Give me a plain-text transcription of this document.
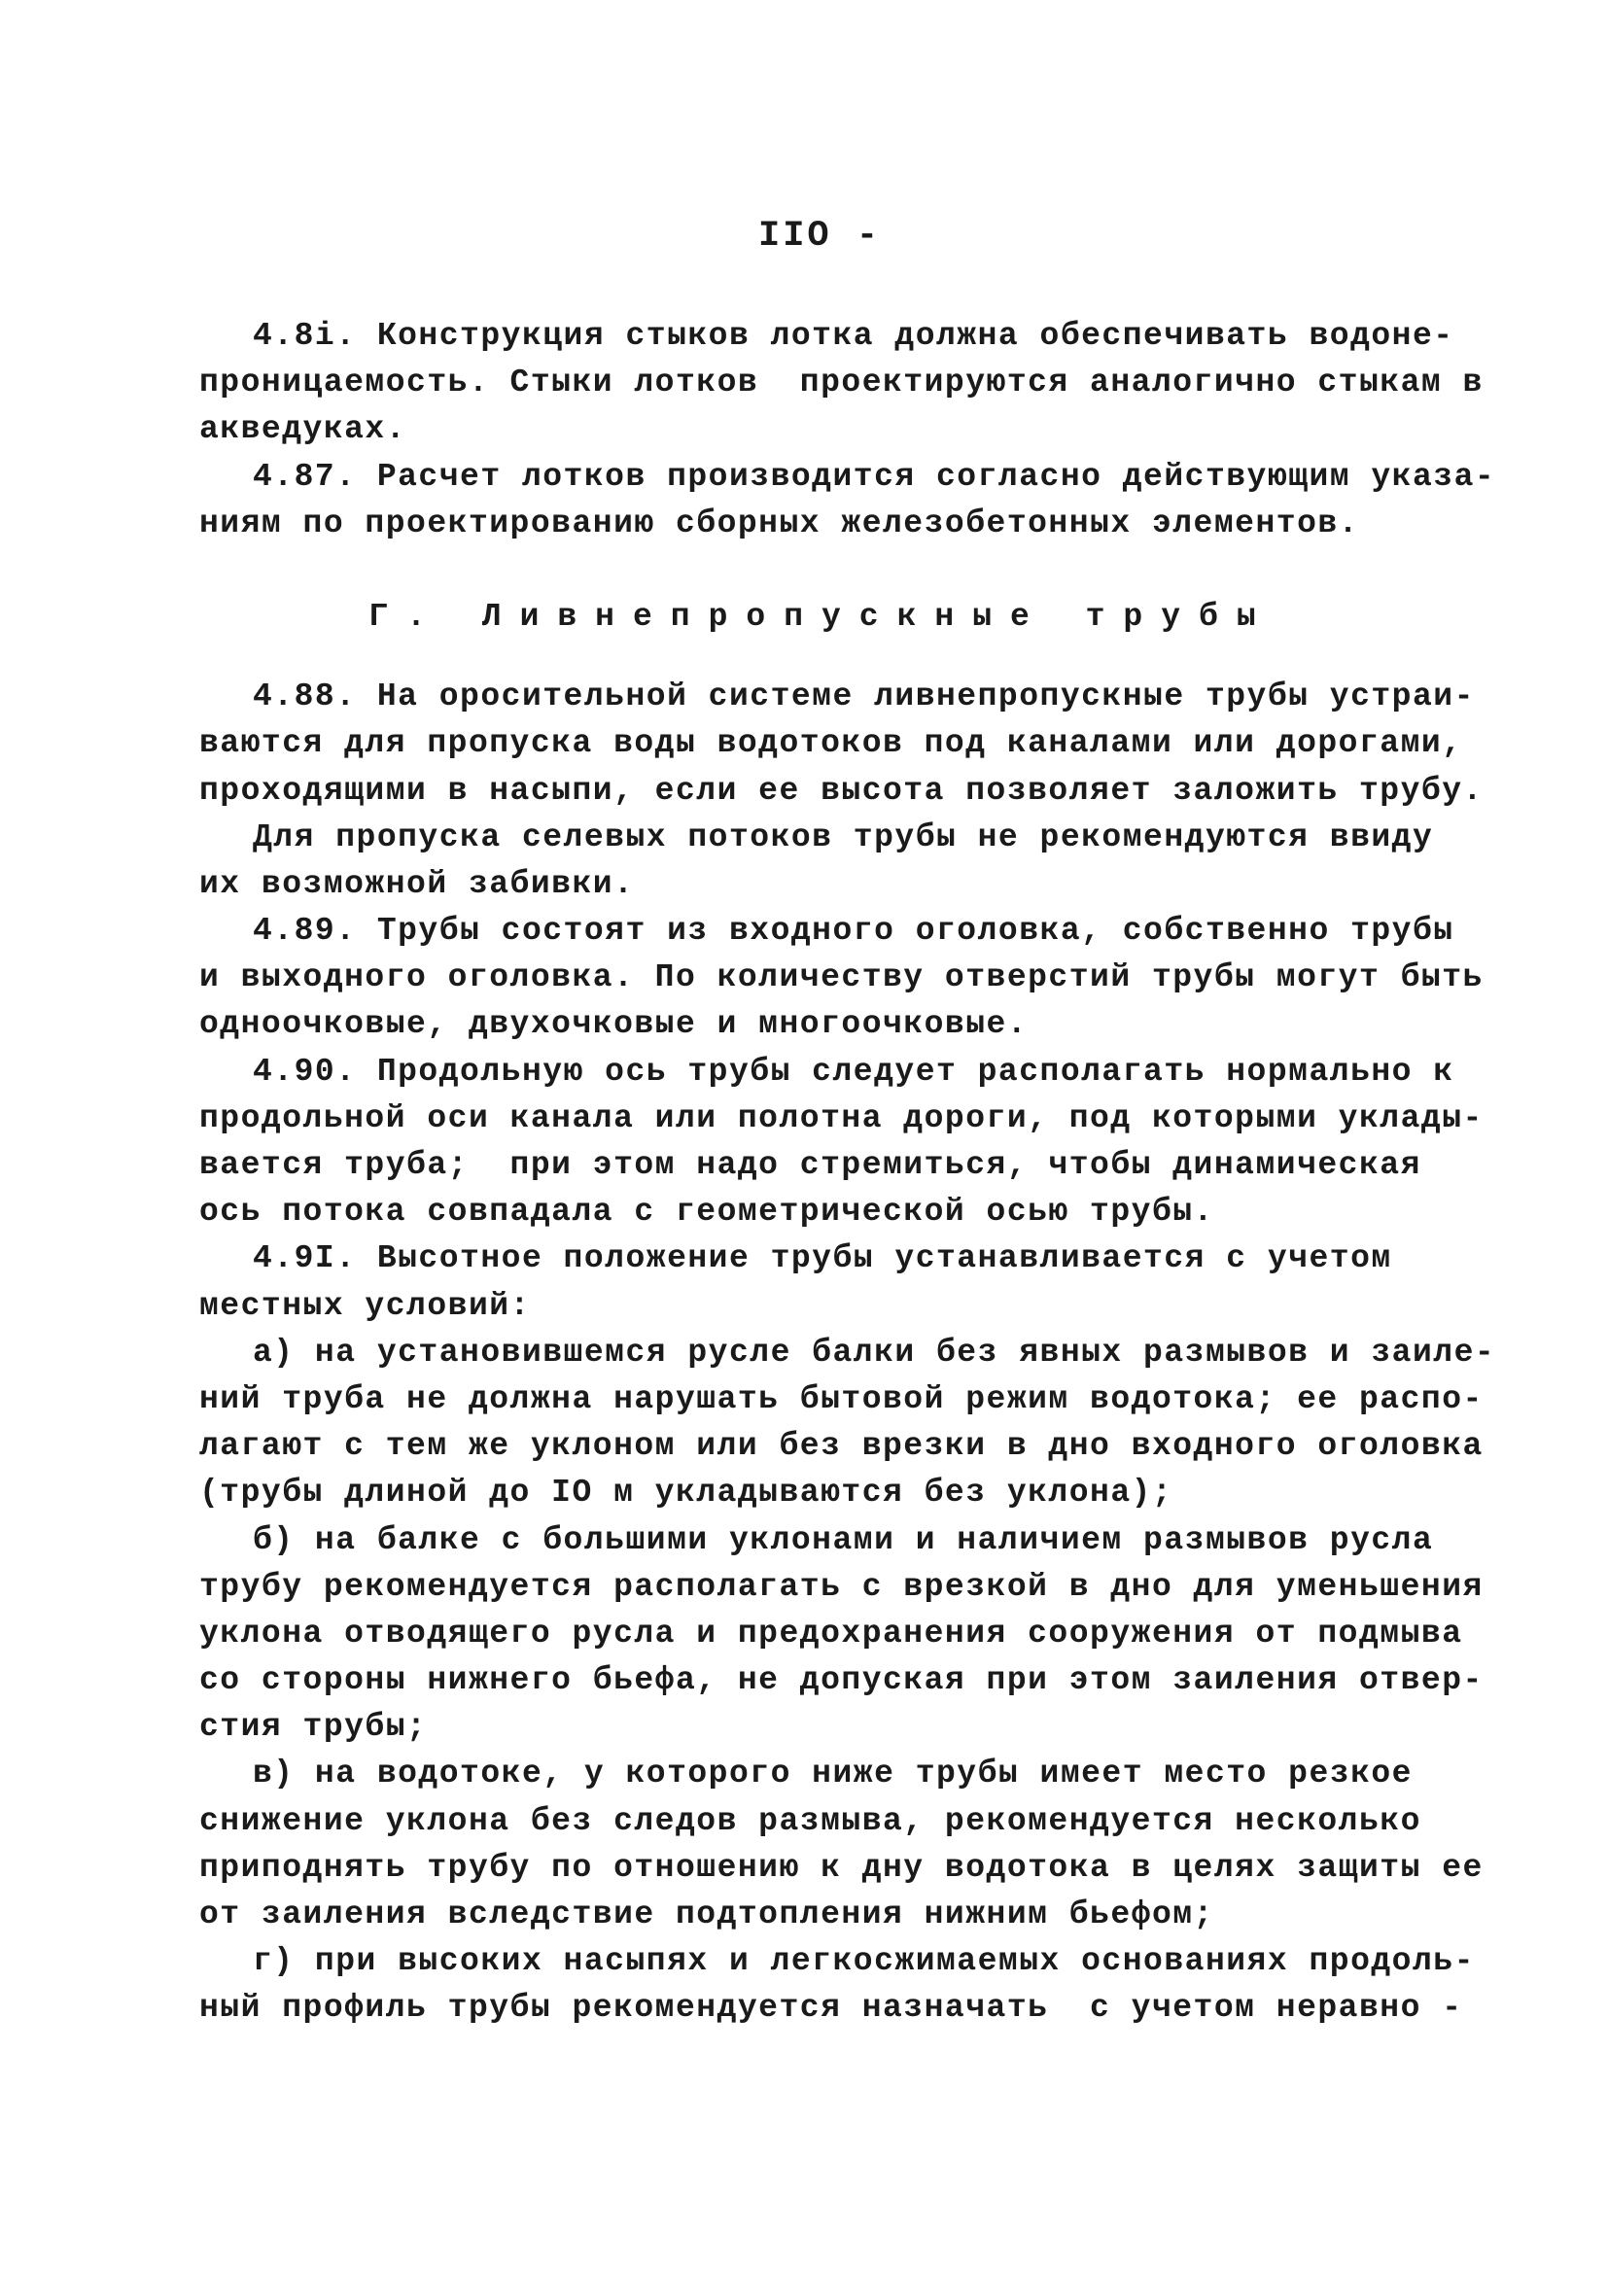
IIO -
4.8і. Конструкция стыков лотка должна обеспечивать водоне-
проницаемость. Стыки лотков  проектируются аналогично стыкам в
акведуках.
4.87. Расчет лотков производится согласно действующим указа-
ниям по проектированию сборных железобетонных элементов.
Г. Ливнепропускные трубы
4.88. На оросительной системе ливнепропускные трубы устраи-
ваются для пропуска воды водотоков под каналами или дорогами,
проходящими в насыпи, если ее высота позволяет заложить трубу.
Для пропуска селевых потоков трубы не рекомендуются ввиду
их возможной забивки.
4.89. Трубы состоят из входного оголовка, собственно трубы
и выходного оголовка. По количеству отверстий трубы могут быть
одноочковые, двухочковые и многоочковые.
4.90. Продольную ось трубы следует располагать нормально к
продольной оси канала или полотна дороги, под которыми уклады-
вается труба;  при этом надо стремиться, чтобы динамическая
ось потока совпадала с геометрической осью трубы.
4.9I. Высотное положение трубы устанавливается с учетом
местных условий:
а) на установившемся русле балки без явных размывов и заиле-
ний труба не должна нарушать бытовой режим водотока; ее распо-
лагают с тем же уклоном или без врезки в дно входного оголовка
(трубы длиной до IO м укладываются без уклона);
б) на балке с большими уклонами и наличием размывов русла
трубу рекомендуется располагать с врезкой в дно для уменьшения
уклона отводящего русла и предохранения сооружения от подмыва
со стороны нижнего бьефа, не допуская при этом заиления отвер-
стия трубы;
в) на водотоке, у которого ниже трубы имеет место резкое
снижение уклона без следов размыва, рекомендуется несколько
приподнять трубу по отношению к дну водотока в целях защиты ее
от заиления вследствие подтопления нижним бьефом;
г) при высоких насыпях и легкосжимаемых основаниях продоль-
ный профиль трубы рекомендуется назначать  с учетом неравно -
